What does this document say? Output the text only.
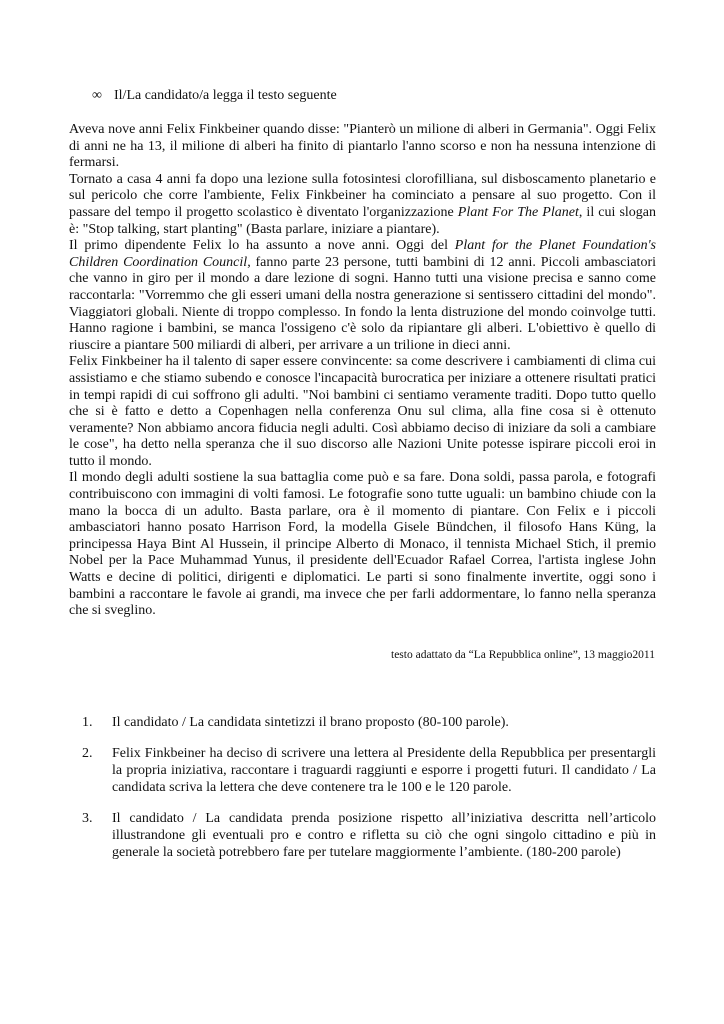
∞ Il/La candidato/a legga il testo seguente

Aveva nove anni Felix Finkbeiner quando disse: "Pianterò un milione di alberi in Germania". Oggi Felix di anni ne ha 13, il milione di alberi ha finito di piantarlo l'anno scorso e non ha nessuna intenzione di fermarsi.

Tornato a casa 4 anni fa dopo una lezione sulla fotosintesi clorofilliana, sul disboscamento planetario e sul pericolo che corre l'ambiente, Felix Finkbeiner ha cominciato a pensare al suo progetto. Con il passare del tempo il progetto scolastico è diventato l'organizzazione Plant For The Planet, il cui slogan è: "Stop talking, start planting" (Basta parlare, iniziare a piantare).

Il primo dipendente Felix lo ha assunto a nove anni. Oggi del Plant for the Planet Foundation's Children Coordination Council, fanno parte 23 persone, tutti bambini di 12 anni. Piccoli ambasciatori che vanno in giro per il mondo a dare lezione di sogni. Hanno tutti una visione precisa e sanno come raccontarla: "Vorremmo che gli esseri umani della nostra generazione si sentissero cittadini del mondo". Viaggiatori globali. Niente di troppo complesso. In fondo la lenta distruzione del mondo coinvolge tutti. Hanno ragione i bambini, se manca l'ossigeno c'è solo da ripiantare gli alberi. L'obiettivo è quello di riuscire a piantare 500 miliardi di alberi, per arrivare a un trilione in dieci anni.

Felix Finkbeiner ha il talento di saper essere convincente: sa come descrivere i cambiamenti di clima cui assistiamo e che stiamo subendo e conosce l'incapacità burocratica per iniziare a ottenere risultati pratici in tempi rapidi di cui soffrono gli adulti. "Noi bambini ci sentiamo veramente traditi. Dopo tutto quello che si è fatto e detto a Copenhagen nella conferenza Onu sul clima, alla fine cosa si è ottenuto veramente? Non abbiamo ancora fiducia negli adulti. Così abbiamo deciso di iniziare da soli a cambiare le cose", ha detto nella speranza che il suo discorso alle Nazioni Unite potesse ispirare piccoli eroi in tutto il mondo.

Il mondo degli adulti sostiene la sua battaglia come può e sa fare. Dona soldi, passa parola, e fotografi contribuiscono con immagini di volti famosi. Le fotografie sono tutte uguali: un bambino chiude con la mano la bocca di un adulto. Basta parlare, ora è il momento di piantare. Con Felix e i piccoli ambasciatori hanno posato Harrison Ford, la modella Gisele Bündchen, il filosofo Hans Küng, la principessa Haya Bint Al Hussein, il principe Alberto di Monaco, il tennista Michael Stich, il premio Nobel per la Pace Muhammad Yunus, il presidente dell'Ecuador Rafael Correa, l'artista inglese John Watts e decine di politici, dirigenti e diplomatici. Le parti si sono finalmente invertite, oggi sono i bambini a raccontare le favole ai grandi, ma invece che per farli addormentare, lo fanno nella speranza che si sveglino.

testo adattato da “La Repubblica online”, 13 maggio2011
1. Il candidato / La candidata sintetizzi il brano proposto (80-100 parole).
2. Felix Finkbeiner ha deciso di scrivere una lettera al Presidente della Repubblica per presentargli la propria iniziativa, raccontare i traguardi raggiunti e esporre i progetti futuri. Il candidato / La candidata scriva la lettera che deve contenere tra le 100 e le 120 parole.
3. Il candidato / La candidata prenda posizione rispetto all’iniziativa descritta nell’articolo illustrandone gli eventuali pro e contro e rifletta su ciò che ogni singolo cittadino e più in generale la società potrebbero fare per tutelare maggiormente l’ambiente. (180-200 parole)
